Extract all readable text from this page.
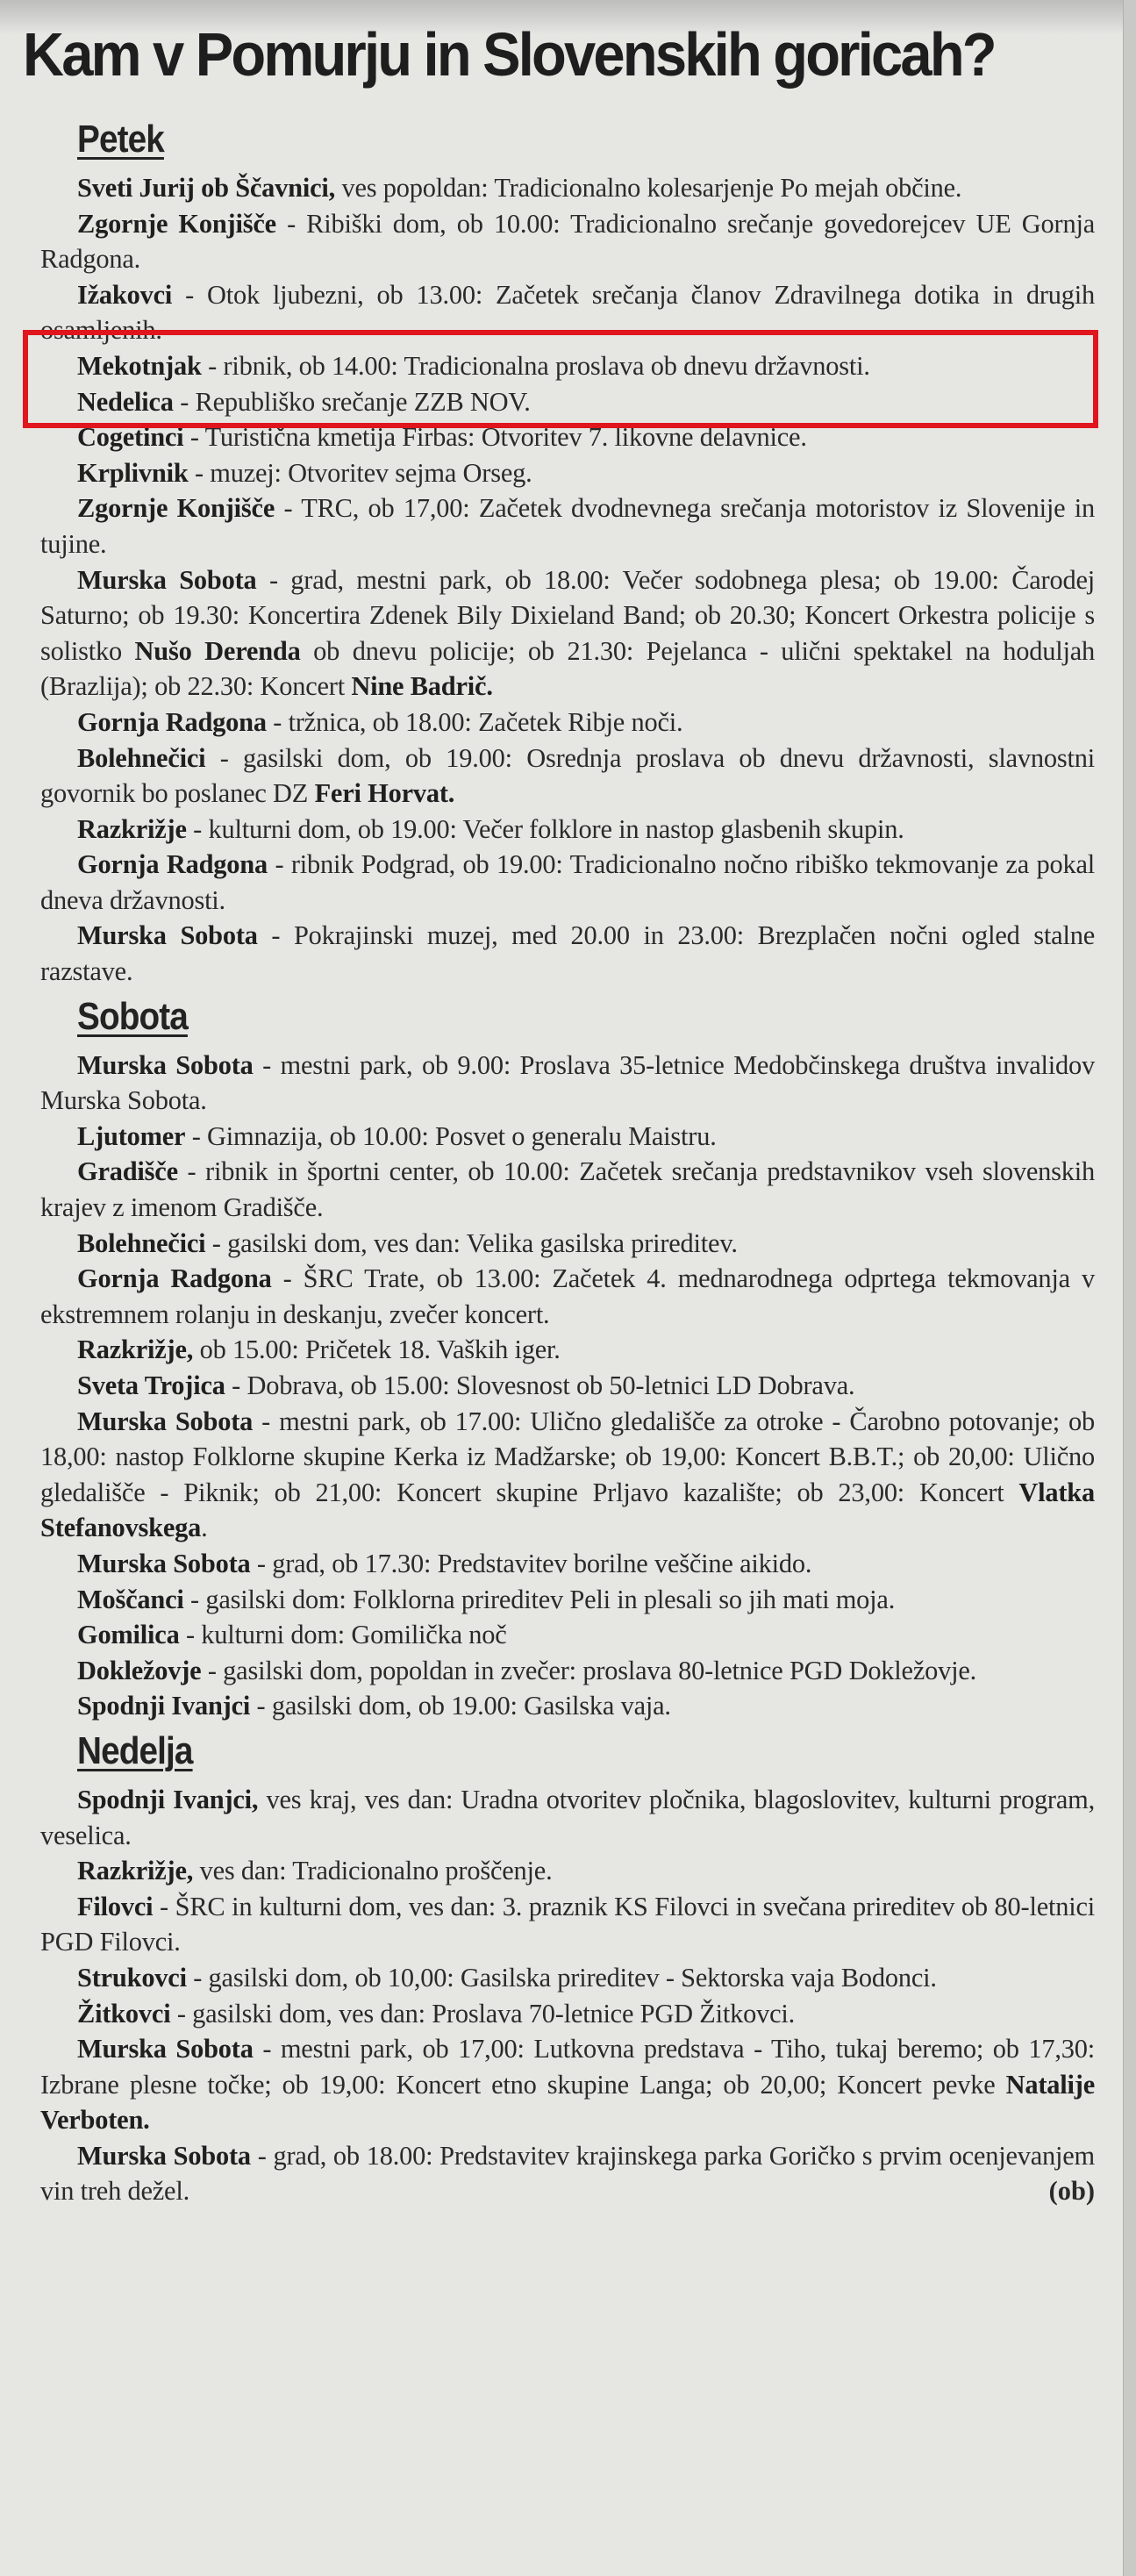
Kam v Pomurju in Slovenskih goricah?
Petek

Sveti Jurij ob Ščavnici, ves popoldan: Tradicionalno kolesarjenje Po mejah občine.

Zgornje Konjišče - Ribiški dom, ob 10.00: Tradicionalno srečanje govedorejcev UE Gornja Radgona.

Ižakovci - Otok ljubezni, ob 13.00: Začetek srečanja članov Zdravilnega dotika in drugih osamljenih.

Mekotnjak - ribnik, ob 14.00: Tradicionalna proslava ob dnevu državnosti.

Nedelica - Republiško srečanje ZZB NOV.

Cogetinci - Turistična kmetija Firbas: Otvoritev 7. likovne delavnice.

Krplivnik - muzej: Otvoritev sejma Orseg.

Zgornje Konjišče - TRC, ob 17,00: Začetek dvodnevnega srečanja motoristov iz Slovenije in tujine.

Murska Sobota - grad, mestni park, ob 18.00: Večer sodobnega plesa; ob 19.00: Čarodej Saturno; ob 19.30: Koncertira Zdenek Bily Dixieland Band; ob 20.30; Koncert Orkestra policije s solistko Nušo Derenda ob dnevu policije; ob 21.30: Pejelanca - ulični spektakel na hoduljah (Brazlija); ob 22.30: Koncert Nine Badrič.

Gornja Radgona - tržnica, ob 18.00: Začetek Ribje noči.

Bolehnečici - gasilski dom, ob 19.00: Osrednja proslava ob dnevu državnosti, slavnostni govornik bo poslanec DZ Feri Horvat.

Razkrižje - kulturni dom, ob 19.00: Večer folklore in nastop glasbenih skupin.

Gornja Radgona - ribnik Podgrad, ob 19.00: Tradicionalno nočno ribiško tekmovanje za pokal dneva državnosti.

Murska Sobota - Pokrajinski muzej, med 20.00 in 23.00: Brezplačen nočni ogled stalne razstave.

Sobota

Murska Sobota - mestni park, ob 9.00: Proslava 35-letnice Medobčinskega društva invalidov Murska Sobota.

Ljutomer - Gimnazija, ob 10.00: Posvet o generalu Maistru.

Gradišče - ribnik in športni center, ob 10.00: Začetek srečanja predstavnikov vseh slovenskih krajev z imenom Gradišče.

Bolehnečici - gasilski dom, ves dan: Velika gasilska prireditev.

Gornja Radgona - ŠRC Trate, ob 13.00: Začetek 4. mednarodnega odprtega tekmovanja v ekstremnem rolanju in deskanju, zvečer koncert.

Razkrižje, ob 15.00: Pričetek 18. Vaških iger.

Sveta Trojica - Dobrava, ob 15.00: Slovesnost ob 50-letnici LD Dobrava.

Murska Sobota - mestni park, ob 17.00: Ulično gledališče za otroke - Čarobno potovanje; ob 18,00: nastop Folklorne skupine Kerka iz Madžarske; ob 19,00: Koncert B.B.T.; ob 20,00: Ulično gledališče - Piknik; ob 21,00: Koncert skupine Prljavo kazalište; ob 23,00: Koncert Vlatka Stefanovskega.

Murska Sobota - grad, ob 17.30: Predstavitev borilne veščine aikido.

Moščanci - gasilski dom: Folklorna prireditev Peli in plesali so jih mati moja.

Gomilica - kulturni dom: Gomilička noč

Dokležovje - gasilski dom, popoldan in zvečer: proslava 80-letnice PGD Dokležovje.

Spodnji Ivanjci - gasilski dom, ob 19.00: Gasilska vaja.

Nedelja

Spodnji Ivanjci, ves kraj, ves dan: Uradna otvoritev pločnika, blagoslovitev, kulturni program, veselica.

Razkrižje, ves dan: Tradicionalno proščenje.

Filovci - ŠRC in kulturni dom, ves dan: 3. praznik KS Filovci in svečana prireditev ob 80-letnici PGD Filovci.

Strukovci - gasilski dom, ob 10,00: Gasilska prireditev - Sektorska vaja Bodonci.

Žitkovci - gasilski dom, ves dan: Proslava 70-letnice PGD Žitkovci.

Murska Sobota - mestni park, ob 17,00: Lutkovna predstava - Tiho, tukaj beremo; ob 17,30: Izbrane plesne točke; ob 19,00: Koncert etno skupine Langa; ob 20,00; Koncert pevke Natalije Verboten.

Murska Sobota - grad, ob 18.00: Predstavitev krajinskega parka Goričko s prvim ocenjevanjem vin treh dežel.	(ob)
